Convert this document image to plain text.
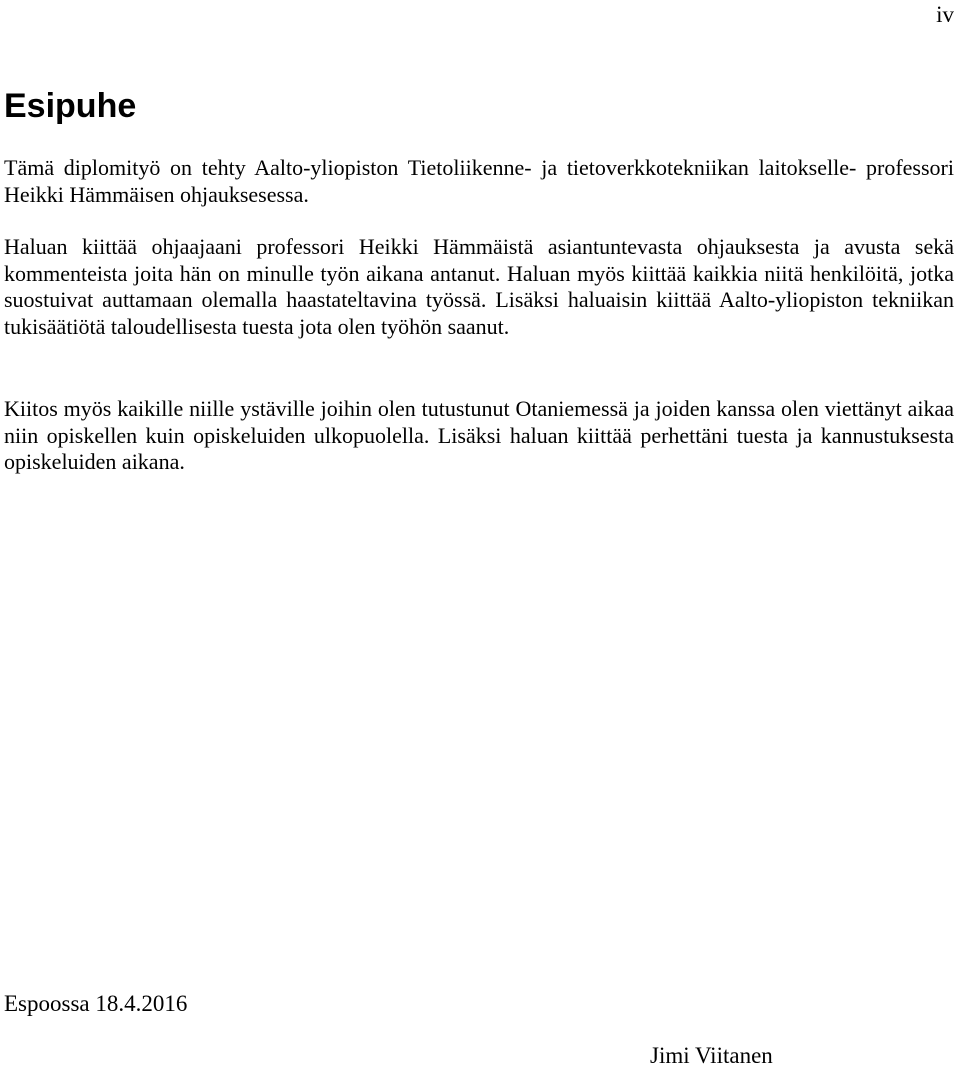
iv
Esipuhe

Tämä diplomityö on tehty Aalto-yliopiston Tietoliikenne- ja tietoverkkotekniikan laitokselle- professori Heikki Hämmäisen ohjauksesessa.

Haluan kiittää ohjaajaani professori Heikki Hämmäistä asiantuntevasta ohjauksesta ja avusta sekä kommenteista joita hän on minulle työn aikana antanut. Haluan myös kiittää kaikkia niitä henkilöitä, jotka suostuivat auttamaan olemalla haastateltavina työssä. Lisäksi haluaisin kiittää Aalto-yliopiston tekniikan tukisäätiötä taloudellisesta tuesta jota olen työhön saanut.

Kiitos myös kaikille niille ystäville joihin olen tutustunut Otaniemessä ja joiden kanssa olen viettänyt aikaa niin opiskellen kuin opiskeluiden ulkopuolella. Lisäksi haluan kiittää perhettäni tuesta ja kannustuksesta opiskeluiden aikana.

Espoossa 18.4.2016

Jimi Viitanen
